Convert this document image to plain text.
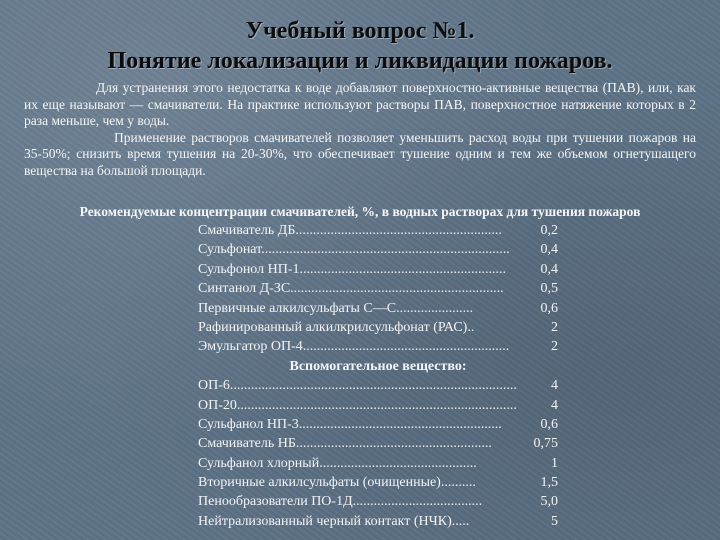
Учебный вопрос №1.
Понятие локализации и ликвидации пожаров.

Для устранения этого недостатка к воде добавляют поверхностно-активные вещества (ПАВ), или, как их еще называют — смачиватели. На практике используют растворы ПАВ, поверхностное натяжение которых в 2 раза меньше, чем у воды.

Применение растворов смачивателей позволяет уменьшить расход воды при тушении пожаров на 35-50%; снизить время тушения на 20-30%, что обеспечивает тушение одним и тем же объемом огнетушащего вещества на большой площади.

Рекомендуемые концентрации смачивателей, %, в водных растворах для тушения пожаров
Смачиватель ДБ...........................................................	0,2
Сульфонат....................................................................... 0,4
Сульфонол НП-1........................................................... 0,4
Синтанол Д-ЗС.............................................................	0,5
Первичные алкилсульфаты С—С......................	0,6
Рафинированный алкилкрилсульфонат (РАС)..	2
Эмульгатор ОП-4...........................................................	2
Вспомогательное вещество:
ОП-6.................................................................................. 4
ОП-20................................................................................ 4
Сульфанол НП-3..........................................................	0,6
Смачиватель НБ........................................................	0,75
Сульфанол хлорный.............................................	1
Вторичные алкилсульфаты (очищенные)..........	1,5
Пенообразователи ПО-1Д.....................................	5,0
Нейтрализованный черный контакт (НЧК).....	5
